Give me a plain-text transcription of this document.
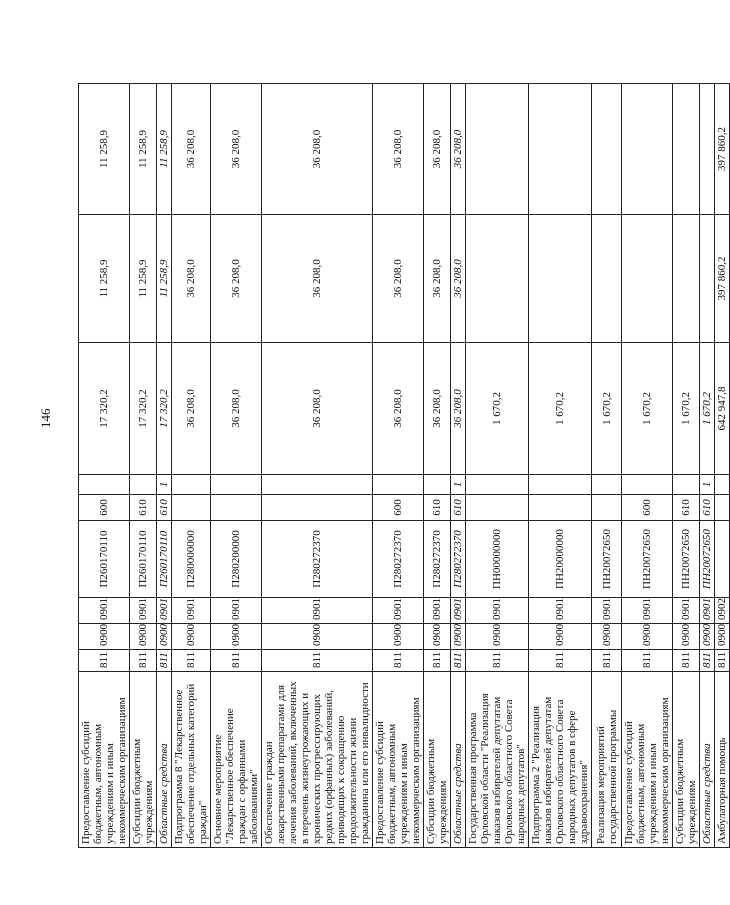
146
Предоставление субсидий бюджетным, автономным учреждениям и иным некоммерческим организациям	811	0900	0901	П260170110	600		17 320,2	11 258,9	11 258,9
Субсидии бюджетным учреждениям	811	0900	0901	П260170110	610		17 320,2	11 258,9	11 258,9
Областные средства	811	0900	0901	П260170110	610	1	17 320,2	11 258,9	11 258,9
Подпрограмма 8 "Лекарственное обеспечение отдельных категорий граждан"	811	0900	0901	П280000000			36 208,0	36 208,0	36 208,0
Основное мероприятие "Лекарственное обеспечение граждан с орфанными заболеваниями"	811	0900	0901	П280200000			36 208,0	36 208,0	36 208,0
Обеспечение граждан лекарственными препаратами для лечения заболеваний, включенных в перечень жизнеугрожающих и хронических прогрессирующих редких (орфанных) заболеваний, приводящих к сокращению продолжительности жизни гражданина или его инвалидности	811	0900	0901	П280272370			36 208,0	36 208,0	36 208,0
Предоставление субсидий бюджетным, автономным учреждениям и иным некоммерческим организациям	811	0900	0901	П280272370	600		36 208,0	36 208,0	36 208,0
Субсидии бюджетным учреждениям	811	0900	0901	П280272370	610		36 208,0	36 208,0	36 208,0
Областные средства	811	0900	0901	П280272370	610	1	36 208,0	36 208,0	36 208,0
Государственная программа Орловской области "Реализация наказов избирателей депутатам Орловского областного Совета народных депутатов"	811	0900	0901	ПН00000000			1 670,2		
Подпрограмма 2 "Реализация наказов избирателей депутатам Орловского областного Совета народных депутатов в сфере здравоохранения"	811	0900	0901	ПН20000000			1 670,2		
Реализация мероприятий государственной программы	811	0900	0901	ПН20072650			1 670,2		
Предоставление субсидий бюджетным, автономным учреждениям и иным некоммерческим организациям	811	0900	0901	ПН20072650	600		1 670,2		
Субсидии бюджетным учреждениям	811	0900	0901	ПН20072650	610		1 670,2		
Областные средства	811	0900	0901	ПН20072650	610	1	1 670,2		
Амбулаторная помощь	811	0900	0902				642 947,8	397 860,2	397 860,2
